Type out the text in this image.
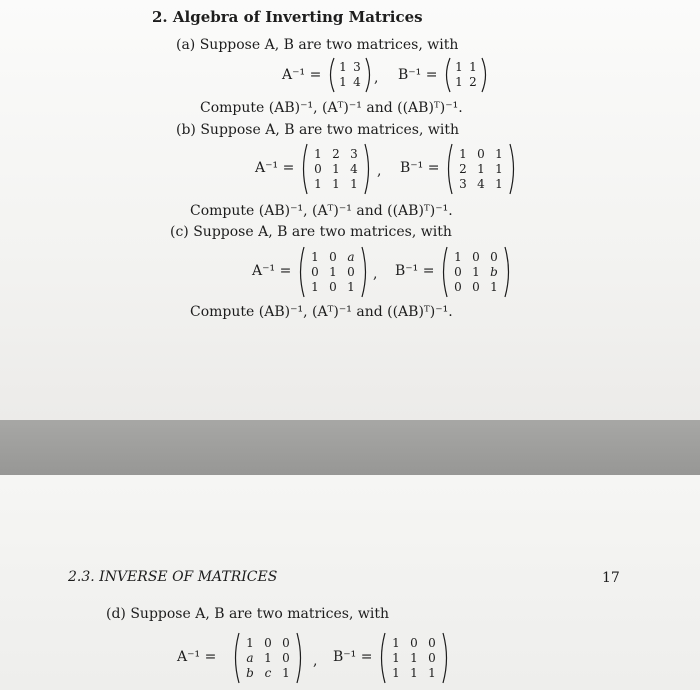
2. Algebra of Inverting Matrices
(a) Suppose A, B are two matrices, with
A⁻¹ = 1 3
1 4 , B⁻¹ = 1 1
1 2
Compute (AB)⁻¹, (Aᵀ)⁻¹ and ((AB)ᵀ)⁻¹.
(b) Suppose A, B are two matrices, with
A⁻¹ =
1 2 3
0 1 4
1 1 1
, B⁻¹ =
1 0 1
2 1 1
3 4 1
Compute (AB)⁻¹, (Aᵀ)⁻¹ and ((AB)ᵀ)⁻¹.
(c) Suppose A, B are two matrices, with
A⁻¹ =
1 0 a
0 1 0
1 0 1
, B⁻¹ =
1 0 0
0 1 b
0 0 1
Compute (AB)⁻¹, (Aᵀ)⁻¹ and ((AB)ᵀ)⁻¹.
2.3. INVERSE OF MATRICES	17
(d) Suppose A, B are two matrices, with
A⁻¹ =
1 0 0
a 1 0
b c 1
, B⁻¹ =
1 0 0
1 1 0
1 1 1
